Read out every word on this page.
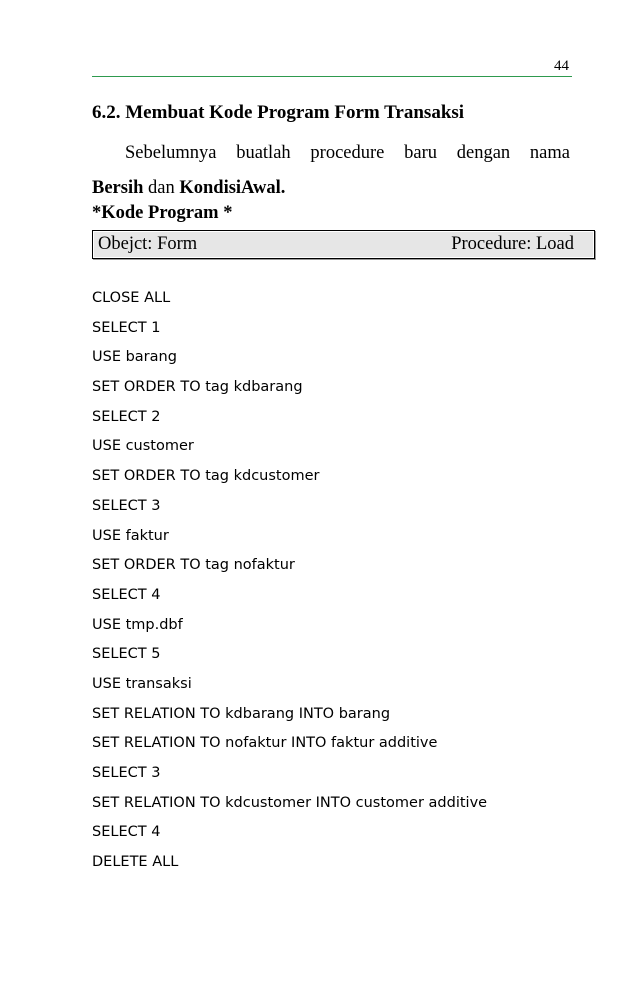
44
6.2. Membuat Kode Program Form Transaksi

Sebelumnya buatlah procedure baru dengan nama
Bersih dan KondisiAwal.

*Kode Program *
Obejct: Form	Procedure: Load
CLOSE ALL
SELECT 1
USE barang
SET ORDER TO tag kdbarang
SELECT 2
USE customer
SET ORDER TO tag kdcustomer
SELECT 3
USE faktur
SET ORDER TO tag nofaktur
SELECT 4
USE tmp.dbf
SELECT 5
USE transaksi
SET RELATION TO kdbarang INTO barang
SET RELATION TO nofaktur INTO faktur additive
SELECT 3
SET RELATION TO kdcustomer INTO customer additive
SELECT 4
DELETE ALL
